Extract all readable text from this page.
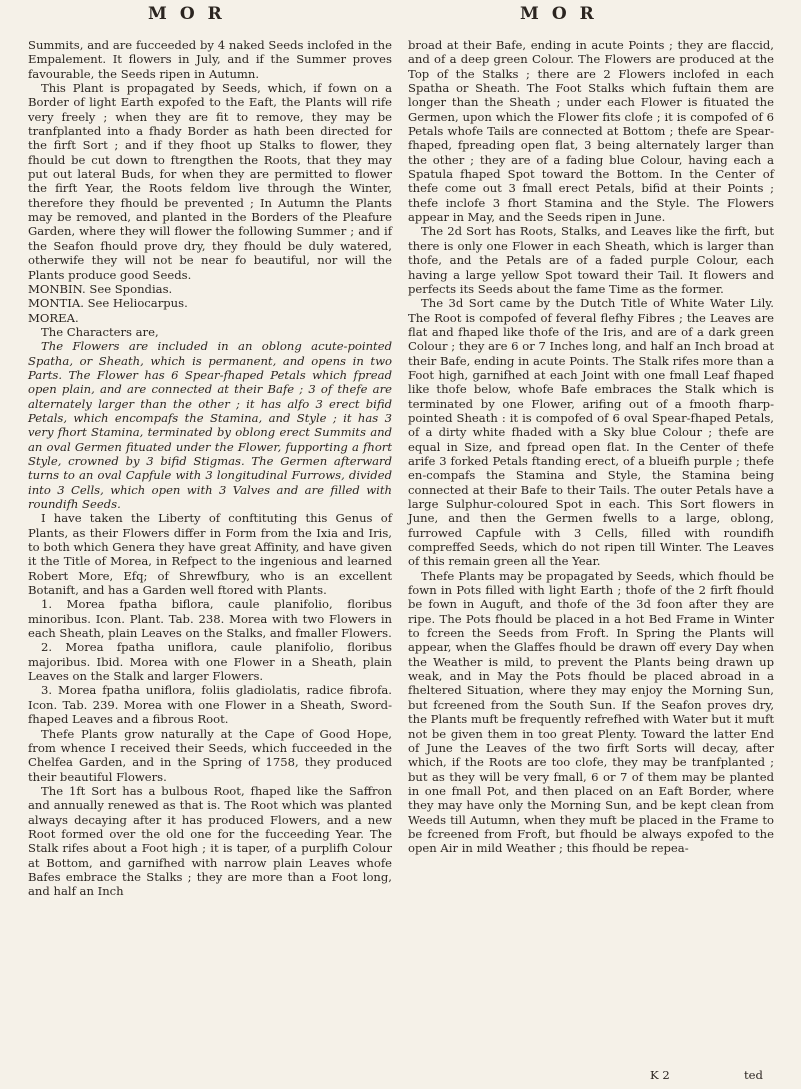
MOR	MOR

Summits, and are fucceeded by 4 naked Seeds inclofed in the Empalement. It flowers in July, and if the Summer proves favourable, the Seeds ripen in Autumn.

This Plant is propagated by Seeds, which, if fown on a Border of light Earth expofed to the Eaft, the Plants will rife very freely ; when they are fit to remove, they may be tranfplanted into a fhady Border as hath been directed for the firft Sort ; and if they fhoot up Stalks to flower, they fhould be cut down to ftrengthen the Roots, that they may put out lateral Buds, for when they are permitted to flower the firft Year, the Roots feldom live through the Winter, therefore they fhould be prevented ; In Autumn the Plants may be removed, and planted in the Borders of the Pleafure Garden, where they will flower the following Summer ; and if the Seafon fhould prove dry, they fhould be duly watered, otherwife they will not be near fo beautiful, nor will the Plants produce good Seeds.

MONBIN. See Spondias.

MONTIA. See Heliocarpus.

MOREA.

The Characters are,

The Flowers are included in an oblong acute-pointed Spatha, or Sheath, which is permanent, and opens in two Parts. The Flower has 6 Spear-fhaped Petals which fpread open plain, and are connected at their Bafe ; 3 of thefe are alternately larger than the other ; it has alfo 3 erect bifid Petals, which encompafs the Stamina, and Style ; it has 3 very fhort Stamina, terminated by oblong erect Summits and an oval Germen fituated under the Flower, fupporting a fhort Style, crowned by 3 bifid Stigmas. The Germen afterward turns to an oval Capfule with 3 longitudinal Furrows, divided into 3 Cells, which open with 3 Valves and are filled with roundifh Seeds.

I have taken the Liberty of conftituting this Genus of Plants, as their Flowers differ in Form from the Ixia and Iris, to both which Genera they have great Affinity, and have given it the Title of Morea, in Refpect to the ingenious and learned Robert More, Efq; of Shrewfbury, who is an excellent Botanift, and has a Garden well ftored with Plants.

1. Morea fpatha biflora, caule planifolio, floribus minoribus. Icon. Plant. Tab. 238. Morea with two Flowers in each Sheath, plain Leaves on the Stalks, and fmaller Flowers.

2. Morea fpatha uniflora, caule planifolio, floribus majoribus. Ibid. Morea with one Flower in a Sheath, plain Leaves on the Stalk and larger Flowers.

3. Morea fpatha uniflora, foliis gladiolatis, radice fibrofa. Icon. Tab. 239. Morea with one Flower in a Sheath, Sword-fhaped Leaves and a fibrous Root.

Thefe Plants grow naturally at the Cape of Good Hope, from whence I received their Seeds, which fucceeded in the Chelfea Garden, and in the Spring of 1758, they produced their beautiful Flowers.

The 1ft Sort has a bulbous Root, fhaped like the Saffron and annually renewed as that is. The Root which was planted always decaying after it has produced Flowers, and a new Root formed over the old one for the fucceeding Year. The Stalk rifes about a Foot high ; it is taper, of a purplifh Colour at Bottom, and garnifhed with narrow plain Leaves whofe Bafes embrace the Stalks ; they are more than a Foot long, and half an Inch

broad at their Bafe, ending in acute Points ; they are flaccid, and of a deep green Colour. The Flowers are produced at the Top of the Stalks ; there are 2 Flowers inclofed in each Spatha or Sheath. The Foot Stalks which fuftain them are longer than the Sheath ; under each Flower is fituated the Germen, upon which the Flower fits clofe ; it is compofed of 6 Petals whofe Tails are connected at Bottom ; thefe are Spear-fhaped, fpreading open flat, 3 being alternately larger than the other ; they are of a fading blue Colour, having each a Spatula fhaped Spot toward the Bottom. In the Center of thefe come out 3 fmall erect Petals, bifid at their Points ; thefe inclofe 3 fhort Stamina and the Style. The Flowers appear in May, and the Seeds ripen in June.

The 2d Sort has Roots, Stalks, and Leaves like the firft, but there is only one Flower in each Sheath, which is larger than thofe, and the Petals are of a faded purple Colour, each having a large yellow Spot toward their Tail. It flowers and perfects its Seeds about the fame Time as the former.

The 3d Sort came by the Dutch Title of White Water Lily. The Root is compofed of feveral flefhy Fibres ; the Leaves are flat and fhaped like thofe of the Iris, and are of a dark green Colour ; they are 6 or 7 Inches long, and half an Inch broad at their Bafe, ending in acute Points. The Stalk rifes more than a Foot high, garnifhed at each Joint with one fmall Leaf fhaped like thofe below, whofe Bafe embraces the Stalk which is terminated by one Flower, arifing out of a fmooth fharp-pointed Sheath : it is compofed of 6 oval Spear-fhaped Petals, of a dirty white fhaded with a Sky blue Colour ; thefe are equal in Size, and fpread open flat. In the Center of thefe arife 3 forked Petals ftanding erect, of a blueifh purple ; thefe en-compafs the Stamina and Style, the Stamina being connected at their Bafe to their Tails. The outer Petals have a large Sulphur-coloured Spot in each. This Sort flowers in June, and then the Germen fwells to a large, oblong, furrowed Capfule with 3 Cells, filled with roundifh compreffed Seeds, which do not ripen till Winter. The Leaves of this remain green all the Year.

Thefe Plants may be propagated by Seeds, which fhould be fown in Pots filled with light Earth ; thofe of the 2 firft fhould be fown in Auguft, and thofe of the 3d foon after they are ripe. The Pots fhould be placed in a hot Bed Frame in Winter to fcreen the Seeds from Froft. In Spring the Plants will appear, when the Glaffes fhould be drawn off every Day when the Weather is mild, to prevent the Plants being drawn up weak, and in May the Pots fhould be placed abroad in a fheltered Situation, where they may enjoy the Morning Sun, but fcreened from the South Sun. If the Seafon proves dry, the Plants muft be frequently refrefhed with Water but it muft not be given them in too great Plenty. Toward the latter End of June the Leaves of the two firft Sorts will decay, after which, if the Roots are too clofe, they may be tranfplanted ; but as they will be very fmall, 6 or 7 of them may be planted in one fmall Pot, and then placed on an Eaft Border, where they may have only the Morning Sun, and be kept clean from Weeds till Autumn, when they muft be placed in the Frame to be fcreened from Froft, but fhould be always expofed to the open Air in mild Weather ; this fhould be repea-

K 2	ted
